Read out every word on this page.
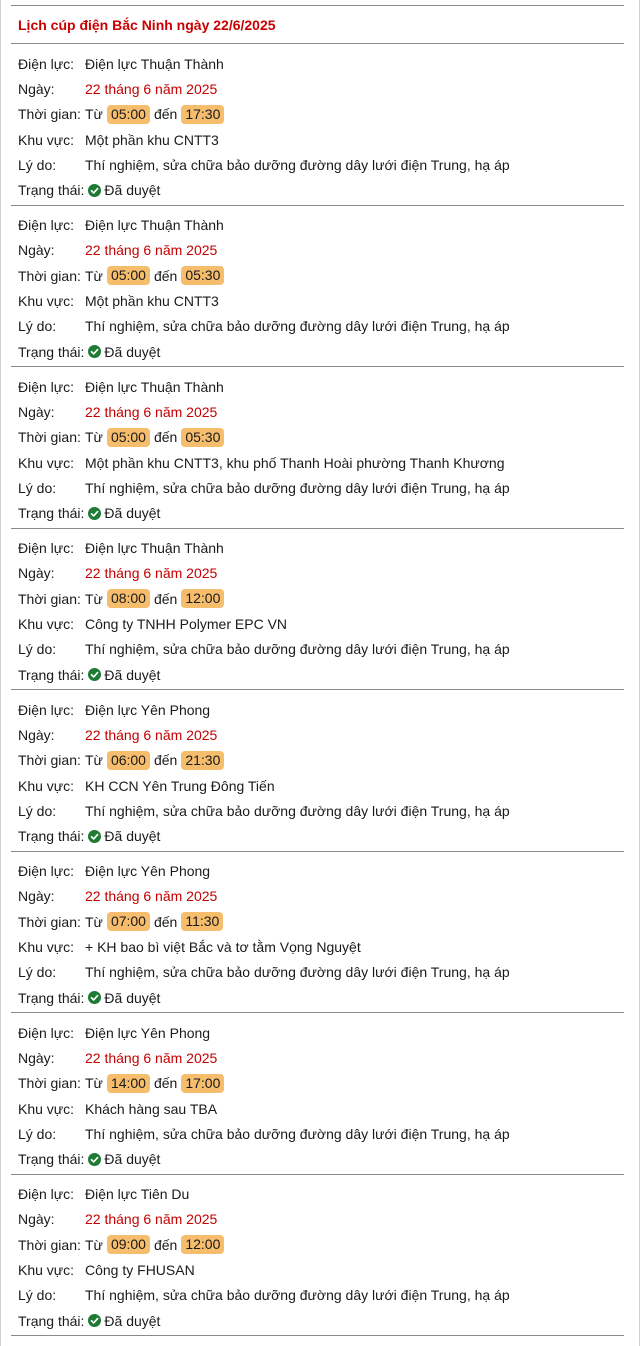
Lịch cúp điện Bắc Ninh ngày 22/6/2025
Điện lực: Điện lực Thuận Thành
Ngày:	22 tháng 6 năm 2025
Thời gian: Từ 05:00 đến 17:30
Khu vực: Một phần khu CNTT3
Lý do:	Thí nghiệm, sửa chữa bảo dưỡng đường dây lưới điện Trung, hạ áp
Trạng thái: Đã duyệt
Điện lực: Điện lực Thuận Thành
Ngày:	22 tháng 6 năm 2025
Thời gian: Từ 05:00 đến 05:30
Khu vực: Một phần khu CNTT3
Lý do:	Thí nghiệm, sửa chữa bảo dưỡng đường dây lưới điện Trung, hạ áp
Trạng thái: Đã duyệt
Điện lực: Điện lực Thuận Thành
Ngày:	22 tháng 6 năm 2025
Thời gian: Từ 05:00 đến 05:30
Khu vực: Một phần khu CNTT3, khu phố Thanh Hoài phường Thanh Khương
Lý do:	Thí nghiệm, sửa chữa bảo dưỡng đường dây lưới điện Trung, hạ áp
Trạng thái: Đã duyệt
Điện lực: Điện lực Thuận Thành
Ngày:	22 tháng 6 năm 2025
Thời gian: Từ 08:00 đến 12:00
Khu vực: Công ty TNHH Polymer EPC VN
Lý do:	Thí nghiệm, sửa chữa bảo dưỡng đường dây lưới điện Trung, hạ áp
Trạng thái: Đã duyệt
Điện lực: Điện lực Yên Phong
Ngày:	22 tháng 6 năm 2025
Thời gian: Từ 06:00 đến 21:30
Khu vực: KH CCN Yên Trung Đông Tiến
Lý do:	Thí nghiệm, sửa chữa bảo dưỡng đường dây lưới điện Trung, hạ áp
Trạng thái: Đã duyệt
Điện lực: Điện lực Yên Phong
Ngày:	22 tháng 6 năm 2025
Thời gian: Từ 07:00 đến 11:30
Khu vực: + KH bao bì việt Bắc và tơ tằm Vọng Nguyệt
Lý do:	Thí nghiệm, sửa chữa bảo dưỡng đường dây lưới điện Trung, hạ áp
Trạng thái: Đã duyệt
Điện lực: Điện lực Yên Phong
Ngày:	22 tháng 6 năm 2025
Thời gian: Từ 14:00 đến 17:00
Khu vực: Khách hàng sau TBA
Lý do:	Thí nghiệm, sửa chữa bảo dưỡng đường dây lưới điện Trung, hạ áp
Trạng thái: Đã duyệt
Điện lực: Điện lực Tiên Du
Ngày:	22 tháng 6 năm 2025
Thời gian: Từ 09:00 đến 12:00
Khu vực: Công ty FHUSAN
Lý do:	Thí nghiệm, sửa chữa bảo dưỡng đường dây lưới điện Trung, hạ áp
Trạng thái: Đã duyệt
